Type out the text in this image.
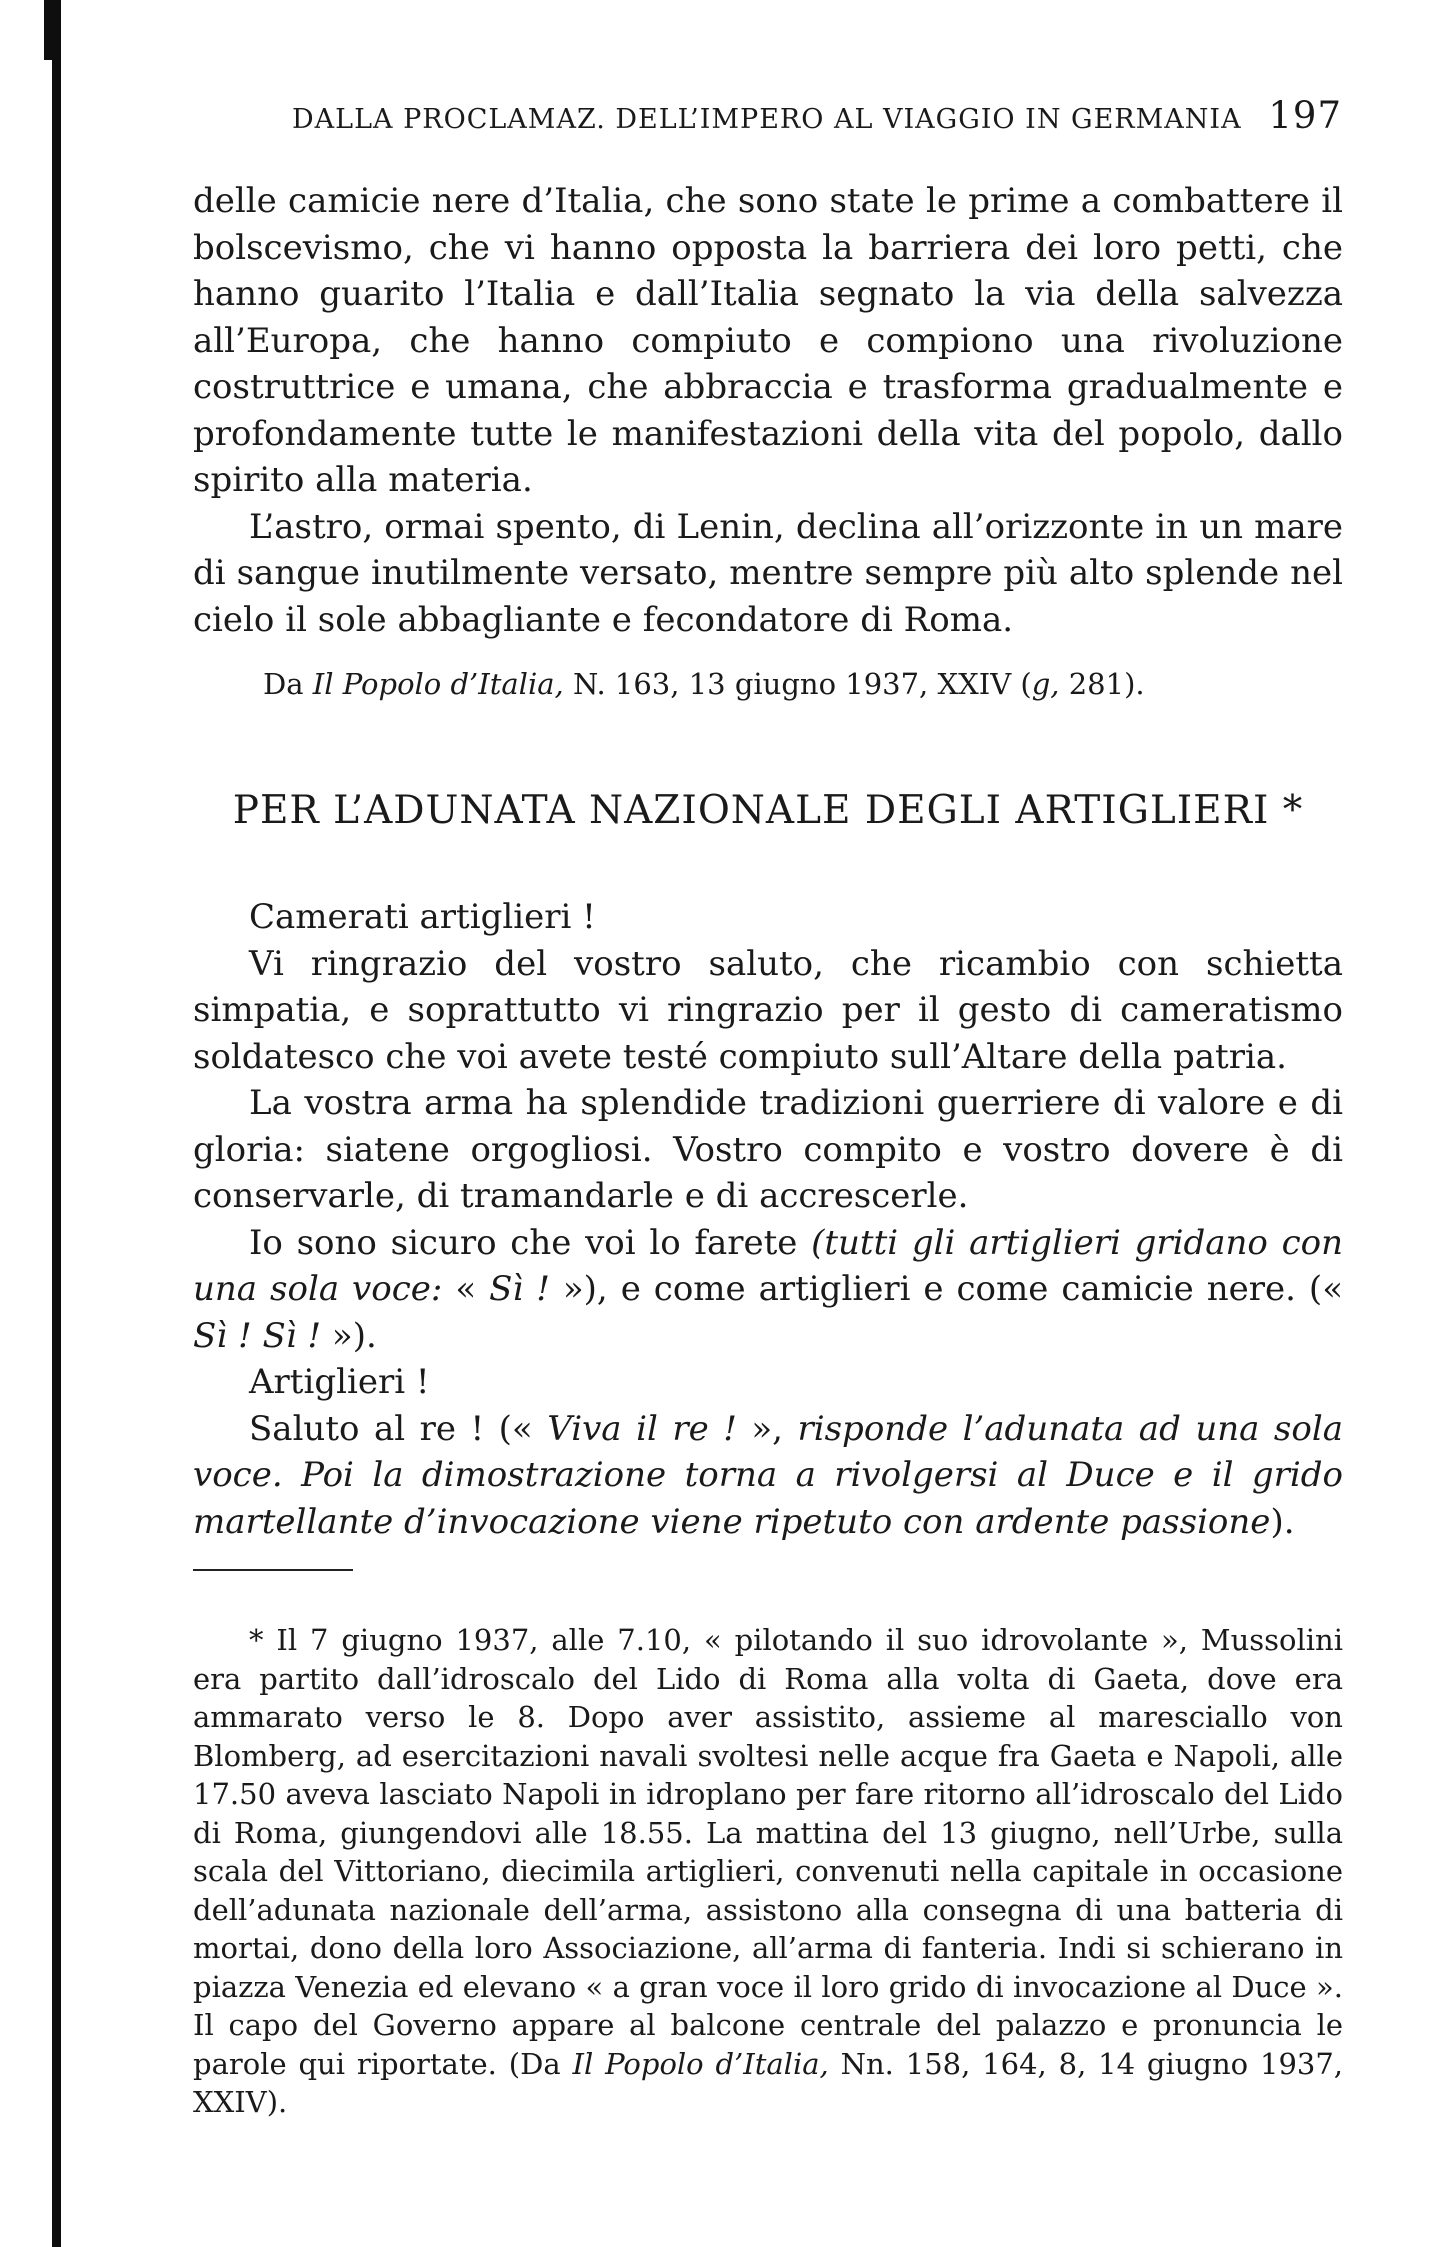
DALLA PROCLAMAZ. DELL’IMPERO AL VIAGGIO IN GERMANIA 197

delle camicie nere d’Italia, che sono state le prime a combattere il bolscevismo, che vi hanno opposta la barriera dei loro petti, che hanno guarito l’Italia e dall’Italia segnato la via della salvezza all’Europa, che hanno compiuto e compiono una rivoluzione costruttrice e umana, che abbraccia e trasforma gradualmente e profondamente tutte le manifestazioni della vita del popolo, dallo spirito alla materia.

L’astro, ormai spento, di Lenin, declina all’orizzonte in un mare di sangue inutilmente versato, mentre sempre più alto splende nel cielo il sole abbagliante e fecondatore di Roma.

Da Il Popolo d’Italia, N. 163, 13 giugno 1937, XXIV (g, 281).

PER L’ADUNATA NAZIONALE DEGLI ARTIGLIERI *

Camerati artiglieri !

Vi ringrazio del vostro saluto, che ricambio con schietta simpatia, e soprattutto vi ringrazio per il gesto di cameratismo soldatesco che voi avete testé compiuto sull’Altare della patria.

La vostra arma ha splendide tradizioni guerriere di valore e di gloria: siatene orgogliosi. Vostro compito e vostro dovere è di conservarle, di tramandarle e di accrescerle.

Io sono sicuro che voi lo farete (tutti gli artiglieri gridano con una sola voce: « Sì ! »), e come artiglieri e come camicie nere. (« Sì ! Sì ! »).

Artiglieri !

Saluto al re ! (« Viva il re ! », risponde l’adunata ad una sola voce. Poi la dimostrazione torna a rivolgersi al Duce e il grido martellante d’invocazione viene ripetuto con ardente passione).

* Il 7 giugno 1937, alle 7.10, « pilotando il suo idrovolante », Mussolini era partito dall’idroscalo del Lido di Roma alla volta di Gaeta, dove era ammarato verso le 8. Dopo aver assistito, assieme al maresciallo von Blomberg, ad esercitazioni navali svoltesi nelle acque fra Gaeta e Napoli, alle 17.50 aveva lasciato Napoli in idroplano per fare ritorno all’idroscalo del Lido di Roma, giungendovi alle 18.55. La mattina del 13 giugno, nell’Urbe, sulla scala del Vittoriano, diecimila artiglieri, convenuti nella capitale in occasione dell’adunata nazionale dell’arma, assistono alla consegna di una batteria di mortai, dono della loro Associazione, all’arma di fanteria. Indi si schierano in piazza Venezia ed elevano « a gran voce il loro grido di invocazione al Duce ». Il capo del Governo appare al balcone centrale del palazzo e pronuncia le parole qui riportate. (Da Il Popolo d’Italia, Nn. 158, 164, 8, 14 giugno 1937, XXIV).
